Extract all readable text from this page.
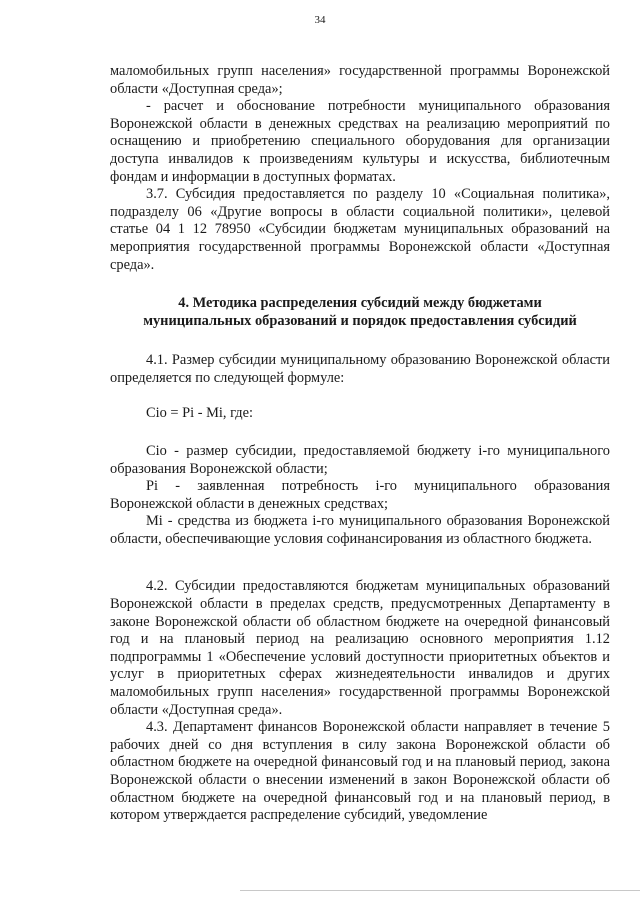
34

маломобильных групп населения» государственной программы Воронежской области «Доступная среда»;

- расчет и обоснование потребности муниципального образования Воронежской области в денежных средствах на реализацию мероприятий по оснащению и приобретению специального оборудования для организации доступа инвалидов к произведениям культуры и искусства, библиотечным фондам и информации в доступных форматах.

3.7. Субсидия предоставляется по разделу 10 «Социальная политика», подразделу 06 «Другие вопросы в области социальной политики», целевой статье 04 1 12 78950 «Субсидии бюджетам муниципальных образований на мероприятия государственной программы Воронежской области «Доступная среда».

4. Методика распределения субсидий между бюджетами
муниципальных образований и порядок предоставления субсидий

4.1. Размер субсидии муниципальному образованию Воронежской области определяется по следующей формуле:

Сiо = Рi - Мi, где:

Сiо - размер субсидии, предоставляемой бюджету i-го муниципального образования Воронежской области;

Рi - заявленная потребность i-го муниципального образования Воронежской области в денежных средствах;

Мi - средства из бюджета i-го муниципального образования Воронежской области, обеспечивающие условия софинансирования из областного бюджета.

4.2. Субсидии предоставляются бюджетам муниципальных образований Воронежской области в пределах средств, предусмотренных Департаменту в законе Воронежской области об областном бюджете на очередной финансовый год и на плановый период на реализацию основного мероприятия 1.12 подпрограммы 1 «Обеспечение условий доступности приоритетных объектов и услуг в приоритетных сферах жизнедеятельности инвалидов и других маломобильных групп населения» государственной программы Воронежской области «Доступная среда».

4.3. Департамент финансов Воронежской области направляет в течение 5 рабочих дней со дня вступления в силу закона Воронежской области об областном бюджете на очередной финансовый год и на плановый период, закона Воронежской области о внесении изменений в закон Воронежской области об областном бюджете на очередной финансовый год и на плановый период, в котором утверждается распределение субсидий, уведомление
